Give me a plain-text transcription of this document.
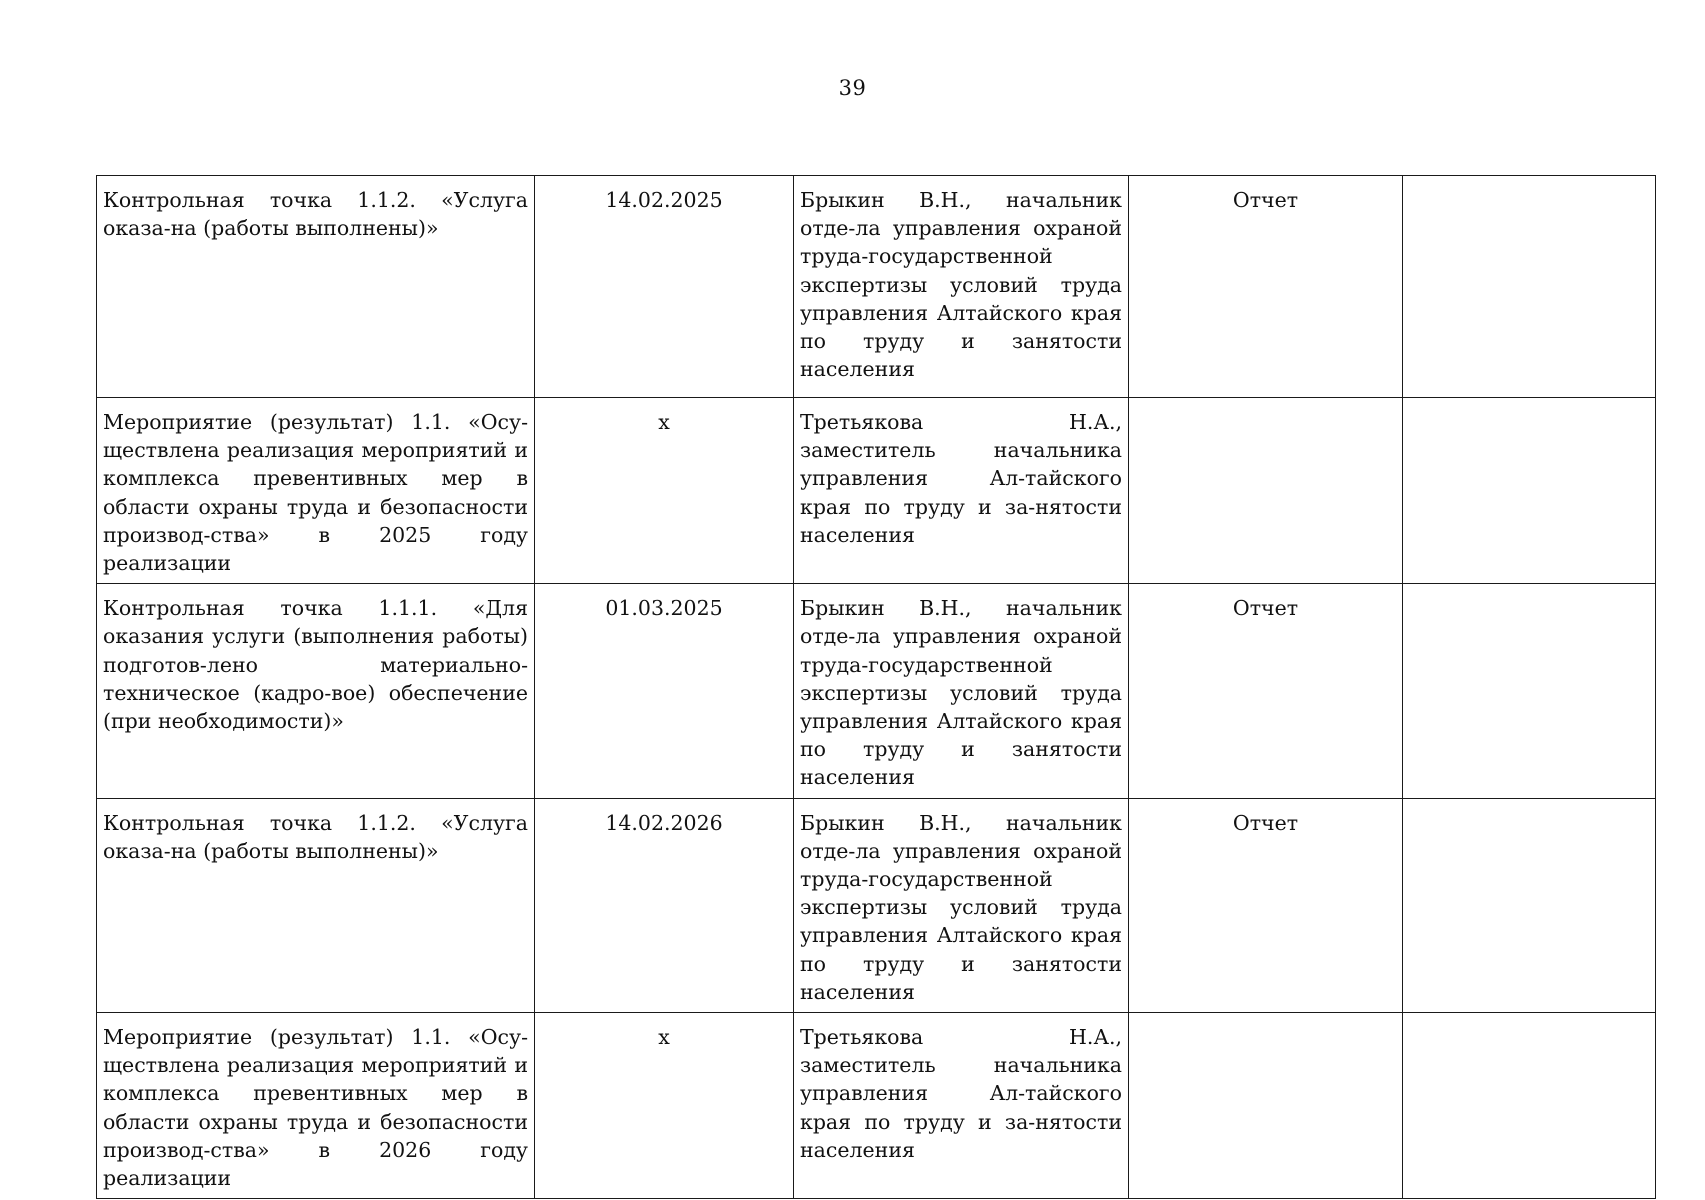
39
Контрольная точка 1.1.2. «Услуга оказа-на (работы выполнены)»	14.02.2025	Брыкин В.Н., начальник отде-ла управления охраной труда-государственной экспертизы условий труда управления Алтайского края по труду и занятости населения	Отчет	
Мероприятие (результат) 1.1. «Осу-ществлена реализация мероприятий и комплекса превентивных мер в области охраны труда и безопасности производ-ства» в 2025 году реализации	х	Третьякова Н.А., заместитель начальника управления Ал-тайского края по труду и за-нятости населения		
Контрольная точка 1.1.1. «Для оказания услуги (выполнения работы) подготов-лено материально-техническое (кадро-вое) обеспечение (при необходимости)»	01.03.2025	Брыкин В.Н., начальник отде-ла управления охраной труда-государственной экспертизы условий труда управления Алтайского края по труду и занятости населения	Отчет	
Контрольная точка 1.1.2. «Услуга оказа-на (работы выполнены)»	14.02.2026	Брыкин В.Н., начальник отде-ла управления охраной труда-государственной экспертизы условий труда управления Алтайского края по труду и занятости населения	Отчет	
Мероприятие (результат) 1.1. «Осу-ществлена реализация мероприятий и комплекса превентивных мер в области охраны труда и безопасности производ-ства» в 2026 году реализации	х	Третьякова Н.А., заместитель начальника управления Ал-тайского края по труду и за-нятости населения		
